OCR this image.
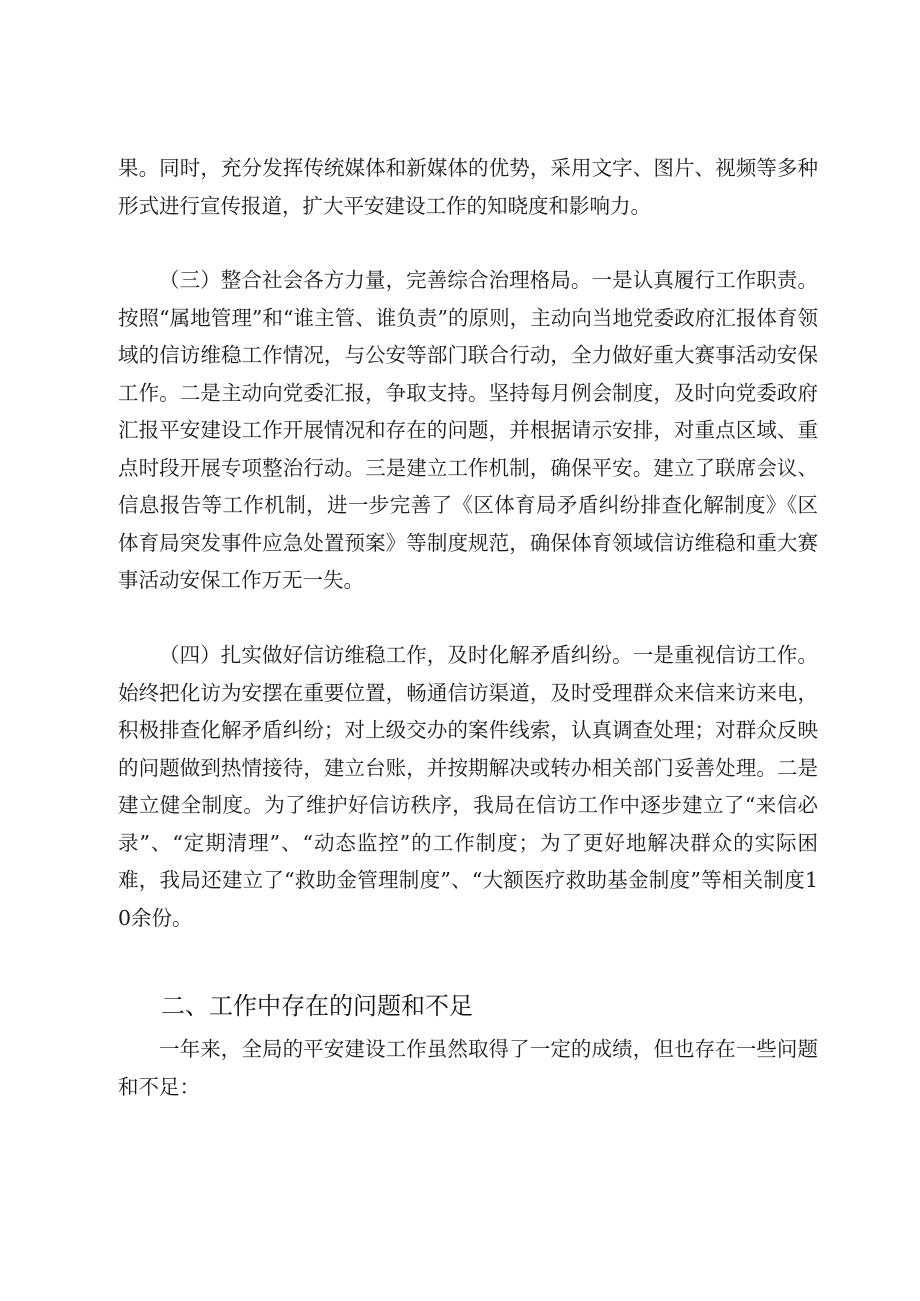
果。同时，充分发挥传统媒体和新媒体的优势，采用文字、图片、视频等多种形式进行宣传报道，扩大平安建设工作的知晓度和影响力。

（三）整合社会各方力量，完善综合治理格局。一是认真履行工作职责。按照“属地管理”和“谁主管、谁负责”的原则，主动向当地党委政府汇报体育领域的信访维稳工作情况，与公安等部门联合行动，全力做好重大赛事活动安保工作。二是主动向党委汇报，争取支持。坚持每月例会制度，及时向党委政府汇报平安建设工作开展情况和存在的问题，并根据请示安排，对重点区域、重点时段开展专项整治行动。三是建立工作机制，确保平安。建立了联席会议、信息报告等工作机制，进一步完善了《区体育局矛盾纠纷排查化解制度》《区体育局突发事件应急处置预案》等制度规范，确保体育领域信访维稳和重大赛事活动安保工作万无一失。

（四）扎实做好信访维稳工作，及时化解矛盾纠纷。一是重视信访工作。始终把化访为安摆在重要位置，畅通信访渠道，及时受理群众来信来访来电，积极排查化解矛盾纠纷；对上级交办的案件线索，认真调查处理；对群众反映的问题做到热情接待，建立台账，并按期解决或转办相关部门妥善处理。二是建立健全制度。为了维护好信访秩序，我局在信访工作中逐步建立了“来信必录”、“定期清理”、“动态监控”的工作制度；为了更好地解决群众的实际困难，我局还建立了“救助金管理制度”、“大额医疗救助基金制度”等相关制度10余份。

二、工作中存在的问题和不足

一年来，全局的平安建设工作虽然取得了一定的成绩，但也存在一些问题和不足：
